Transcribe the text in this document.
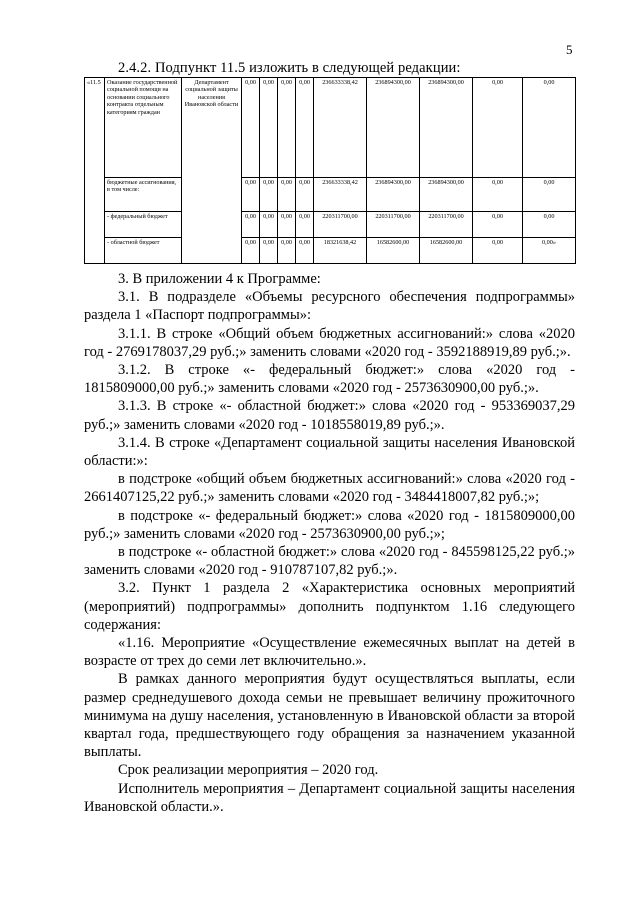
5
2.4.2. Подпункт 11.5 изложить в следующей редакции:
«11.5	Оказание государственной социальной помощи на основании социального контракта отдельным категориям граждан	Департамент социальной защиты населения Ивановской области	0,00	0,00	0,00	0,00	236633338,42	236894300,00	236894300,00	0,00	0,00
	бюджетные ассигнования, в том числе:		0,00	0,00	0,00	0,00	236633338,42	236894300,00	236894300,00	0,00	0,00
	- федеральный бюджет		0,00	0,00	0,00	0,00	220311700,00	220311700,00	220311700,00	0,00	0,00
	- областной бюджет		0,00	0,00	0,00	0,00	18321638,42	16582600,00	16582600,00	0,00	0,00»

3. В приложении 4 к Программе:

3.1. В подразделе «Объемы ресурсного обеспечения подпрограммы» раздела 1 «Паспорт подпрограммы»:

3.1.1. В строке «Общий объем бюджетных ассигнований:» слова «2020 год - 2769178037,29 руб.;» заменить словами «2020 год - 3592188919,89 руб.;».

3.1.2. В строке «- федеральный бюджет:» слова «2020 год - 1815809000,00 руб.;» заменить словами «2020 год - 2573630900,00 руб.;».

3.1.3. В строке «- областной бюджет:» слова «2020 год - 953369037,29 руб.;» заменить словами «2020 год - 1018558019,89 руб.;».

3.1.4. В строке «Департамент социальной защиты населения Ивановской области:»:

в подстроке «общий объем бюджетных ассигнований:» слова «2020 год - 2661407125,22 руб.;» заменить словами «2020 год - 3484418007,82 руб.;»;

в подстроке «- федеральный бюджет:» слова «2020 год - 1815809000,00 руб.;» заменить словами «2020 год - 2573630900,00 руб.;»;

в подстроке «- областной бюджет:» слова «2020 год - 845598125,22 руб.;» заменить словами «2020 год - 910787107,82 руб.;».

3.2. Пункт 1 раздела 2 «Характеристика основных мероприятий (мероприятий) подпрограммы» дополнить подпунктом 1.16 следующего содержания:

«1.16. Мероприятие «Осуществление ежемесячных выплат на детей в возрасте от трех до семи лет включительно.».

В рамках данного мероприятия будут осуществляться выплаты, если размер среднедушевого дохода семьи не превышает величину прожиточного минимума на душу населения, установленную в Ивановской области за второй квартал года, предшествующего году обращения за назначением указанной выплаты.

Срок реализации мероприятия – 2020 год.

Исполнитель мероприятия – Департамент социальной защиты населения Ивановской области.».
